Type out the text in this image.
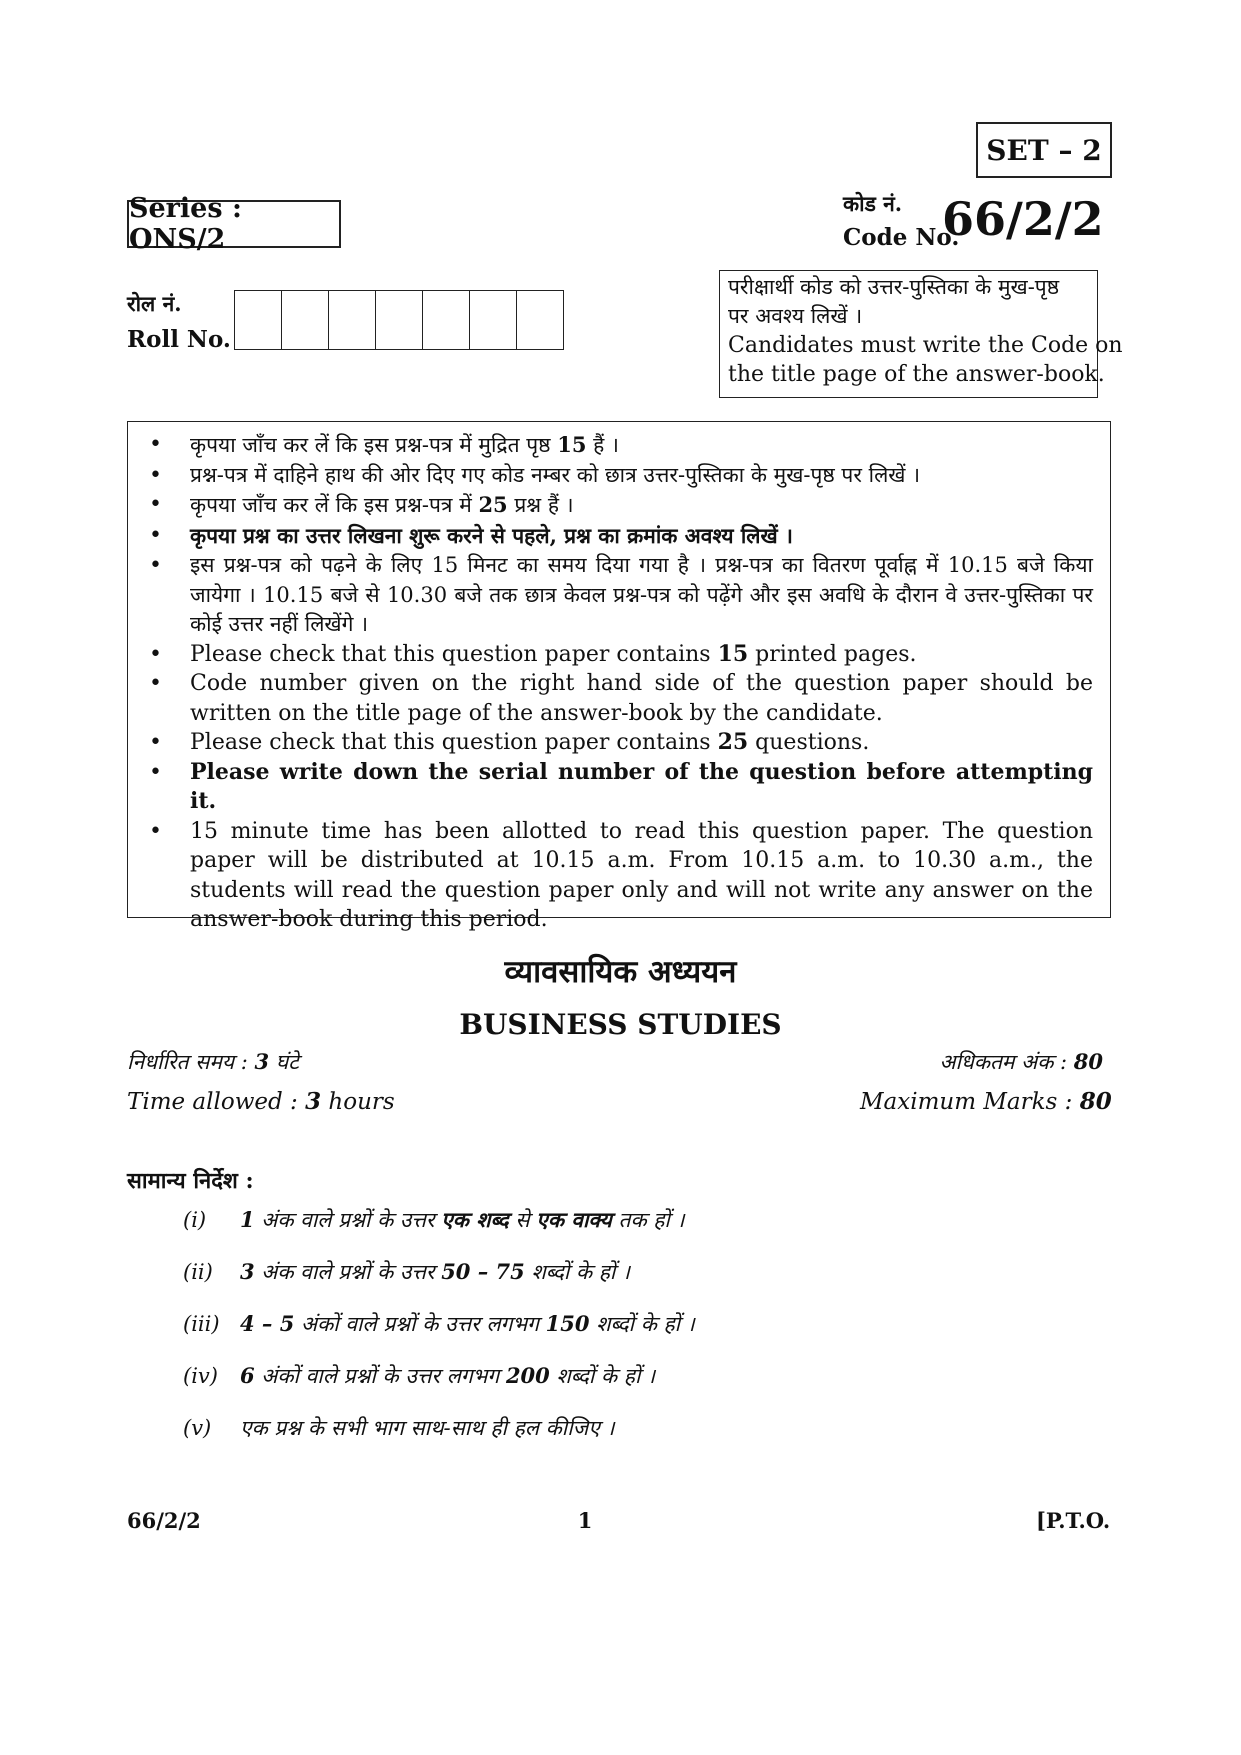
SET – 2
Series : ONS/2
कोड नं.
Code No.
66/2/2
रोल नं.
Roll No.
परीक्षार्थी कोड को उत्तर-पुस्तिका के मुख-पृष्ठ
पर अवश्य लिखें ।
Candidates must write the Code on
the title page of the answer-book.
• कृपया जाँच कर लें कि इस प्रश्न-पत्र में मुद्रित पृष्ठ 15 हैं ।
• प्रश्न-पत्र में दाहिने हाथ की ओर दिए गए कोड नम्बर को छात्र उत्तर-पुस्तिका के मुख-पृष्ठ पर लिखें ।
• कृपया जाँच कर लें कि इस प्रश्न-पत्र में 25 प्रश्न हैं ।
• कृपया प्रश्न का उत्तर लिखना शुरू करने से पहले, प्रश्न का क्रमांक अवश्य लिखें ।
• इस प्रश्न-पत्र को पढ़ने के लिए 15 मिनट का समय दिया गया है । प्रश्न-पत्र का वितरण पूर्वाह्न में 10.15 बजे किया जायेगा । 10.15 बजे से 10.30 बजे तक छात्र केवल प्रश्न-पत्र को पढ़ेंगे और इस अवधि के दौरान वे उत्तर-पुस्तिका पर कोई उत्तर नहीं लिखेंगे ।
• Please check that this question paper contains 15 printed pages.
• Code number given on the right hand side of the question paper should be written on the title page of the answer-book by the candidate.
• Please check that this question paper contains 25 questions.
• Please write down the serial number of the question before attempting it.
• 15 minute time has been allotted to read this question paper. The question paper will be distributed at 10.15 a.m. From 10.15 a.m. to 10.30 a.m., the students will read the question paper only and will not write any answer on the answer-book during this period.
व्यावसायिक अध्ययन
BUSINESS STUDIES
निर्धारित समय : 3 घंटे
Time allowed : 3 hours
अधिकतम अंक : 80
Maximum Marks : 80
सामान्य निर्देश :
(i) 1 अंक वाले प्रश्नों के उत्तर एक शब्द से एक वाक्य तक हों ।
(ii) 3 अंक वाले प्रश्नों के उत्तर 50 – 75 शब्दों के हों ।
(iii) 4 – 5 अंकों वाले प्रश्नों के उत्तर लगभग 150 शब्दों के हों ।
(iv) 6 अंकों वाले प्रश्नों के उत्तर लगभग 200 शब्दों के हों ।
(v) एक प्रश्न के सभी भाग साथ-साथ ही हल कीजिए ।
66/2/2	1	[P.T.O.
